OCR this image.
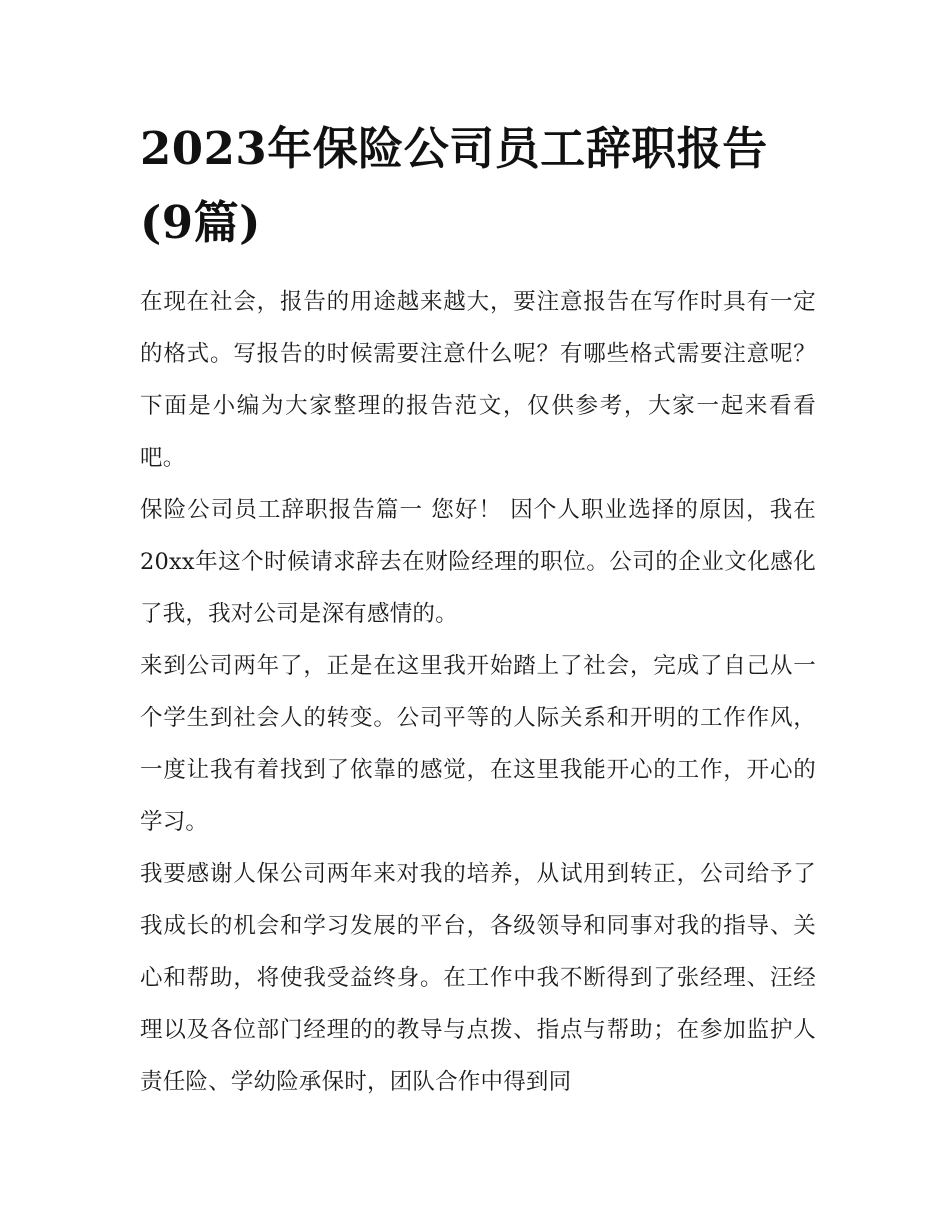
2023年保险公司员工辞职报告(9篇)

在现在社会，报告的用途越来越大，要注意报告在写作时具有一定的格式。写报告的时候需要注意什么呢？有哪些格式需要注意呢？下面是小编为大家整理的报告范文，仅供参考，大家一起来看看吧。

保险公司员工辞职报告篇一 您好！ 因个人职业选择的原因，我在20xx年这个时候请求辞去在财险经理的职位。公司的企业文化感化了我，我对公司是深有感情的。

来到公司两年了，正是在这里我开始踏上了社会，完成了自己从一个学生到社会人的转变。公司平等的人际关系和开明的工作作风，一度让我有着找到了依靠的感觉，在这里我能开心的工作，开心的学习。

我要感谢人保公司两年来对我的培养，从试用到转正，公司给予了我成长的机会和学习发展的平台，各级领导和同事对我的指导、关心和帮助，将使我受益终身。在工作中我不断得到了张经理、汪经理以及各位部门经理的的教导与点拨、指点与帮助；在参加监护人责任险、学幼险承保时，团队合作中得到同
